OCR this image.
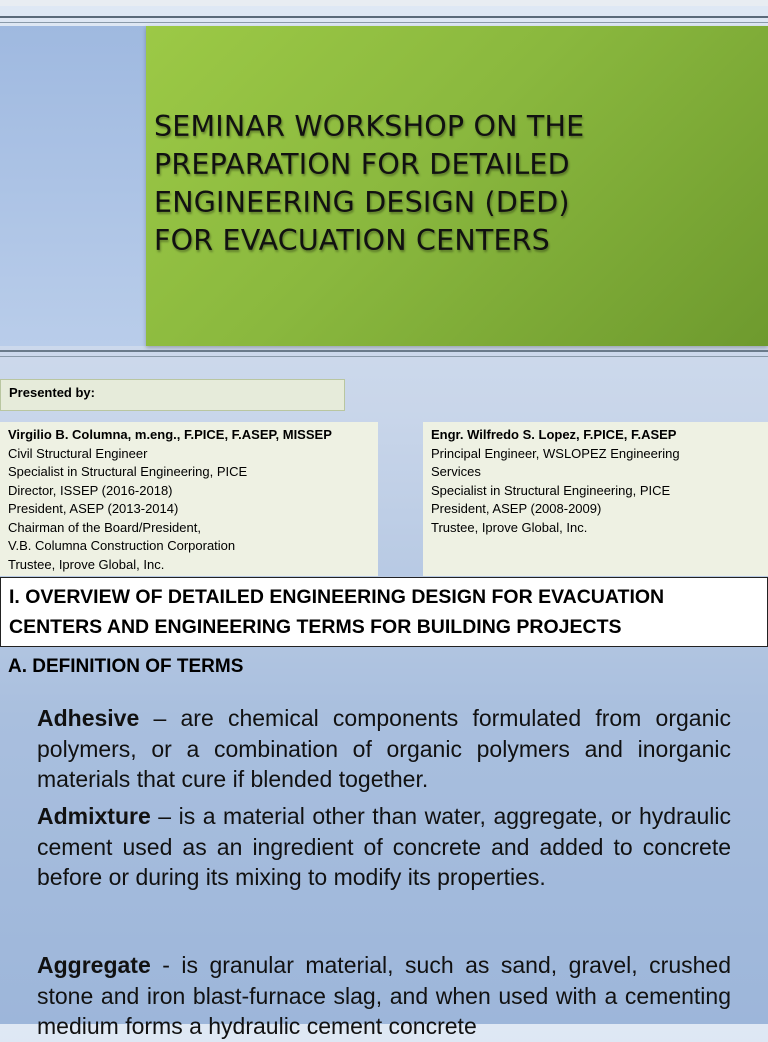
SEMINAR WORKSHOP ON THE
PREPARATION FOR DETAILED
ENGINEERING DESIGN (DED)
FOR EVACUATION CENTERS
Presented by:
Virgilio B. Columna, m.eng., F.PICE, F.ASEP, MISSEP
Civil Structural Engineer
Specialist in Structural Engineering, PICE
Director, ISSEP (2016-2018)
President, ASEP (2013-2014)
Chairman of the Board/President,
V.B. Columna Construction Corporation
Trustee, Iprove Global, Inc.
Engr. Wilfredo S. Lopez, F.PICE, F.ASEP
Principal Engineer, WSLOPEZ Engineering
Services
Specialist in Structural Engineering, PICE
President, ASEP (2008-2009)
Trustee, Iprove Global, Inc.
I. OVERVIEW OF DETAILED ENGINEERING DESIGN FOR EVACUATION
CENTERS AND ENGINEERING TERMS FOR BUILDING PROJECTS
A. DEFINITION OF TERMS
Adhesive – are chemical components formulated from organic polymers, or a combination of organic polymers and inorganic materials that cure if blended together.
Admixture – is a material other than water, aggregate, or hydraulic cement used as an ingredient of concrete and added to concrete before or during its mixing to modify its properties.
Aggregate - is granular material, such as sand, gravel, crushed stone and iron blast-furnace slag, and when used with a cementing medium forms a hydraulic cement concrete
